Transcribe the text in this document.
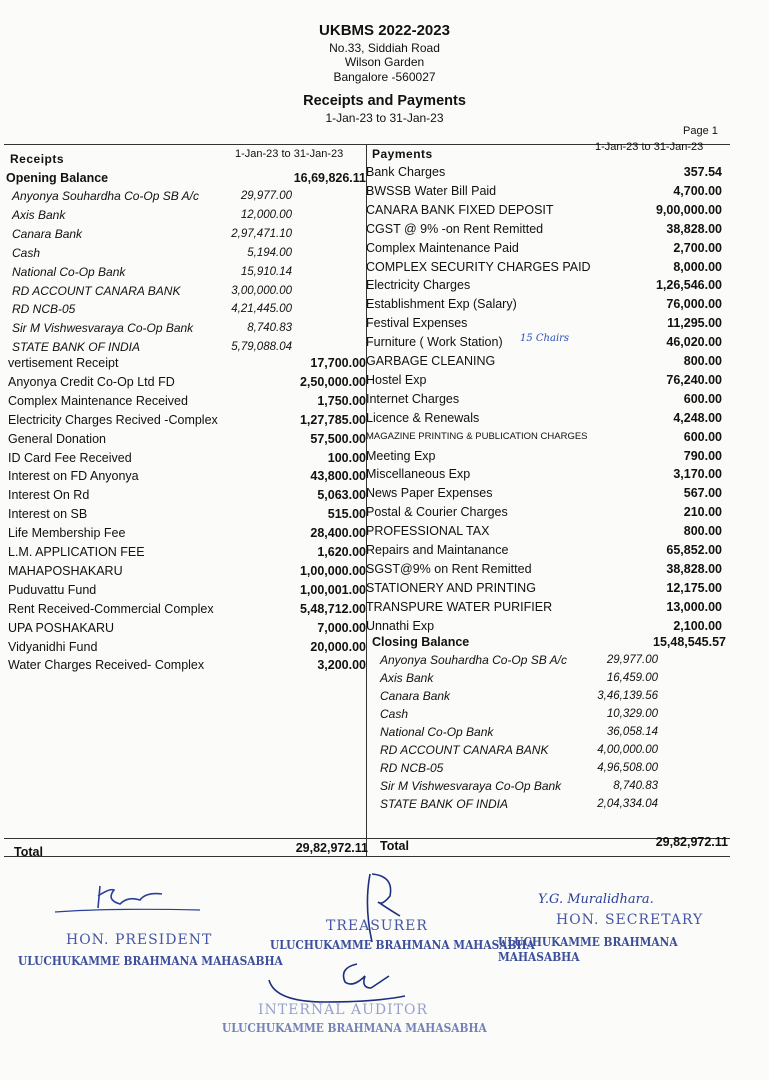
UKBMS 2022-2023
No.33, Siddiah Road
Wilson Garden
Bangalore -560027
Receipts and Payments
1-Jan-23 to 31-Jan-23
Page 1
Receipts	1-Jan-23 to 31-Jan-23 Payments	1-Jan-23 to 31-Jan-23
Opening Balance	16,69,826.11
Anyonya Souhardha Co-Op SB A/c	29,977.00
Axis Bank	12,000.00
Canara Bank	2,97,471.10
Cash	5,194.00
National Co-Op Bank	15,910.14
RD ACCOUNT CANARA BANK	3,00,000.00
RD NCB-05	4,21,445.00
Sir M Vishwesvaraya Co-Op Bank	8,740.83
STATE BANK OF INDIA	5,79,088.04
vertisement Receipt	17,700.00
Anyonya Credit Co-Op Ltd FD	2,50,000.00
Complex Maintenance Received	1,750.00
Electricity Charges Recived -Complex	1,27,785.00
General Donation	57,500.00
ID Card Fee Received	100.00
Interest on FD Anyonya	43,800.00
Interest On Rd	5,063.00
Interest on SB	515.00
Life Membership Fee	28,400.00
L.M. APPLICATION FEE	1,620.00
MAHAPOSHAKARU	1,00,000.00
Puduvattu Fund	1,00,001.00
Rent Received-Commercial Complex	5,48,712.00
UPA POSHAKARU	7,000.00
Vidyanidhi Fund	20,000.00
Water Charges Received- Complex	3,200.00
Bank Charges	357.54
BWSSB Water Bill Paid	4,700.00
CANARA BANK FIXED DEPOSIT	9,00,000.00
CGST @ 9% -on Rent Remitted	38,828.00
Complex Maintenance Paid	2,700.00
COMPLEX SECURITY CHARGES PAID	8,000.00
Electricity Charges	1,26,546.00
Establishment Exp (Salary)	76,000.00
Festival Expenses	11,295.00
Furniture ( Work Station)	46,020.00
GARBAGE CLEANING	800.00
Hostel Exp	76,240.00
Internet Charges	600.00
Licence & Renewals	4,248.00
MAGAZINE PRINTING & PUBLICATION CHARGES	600.00
Meeting Exp	790.00
Miscellaneous Exp	3,170.00
News Paper Expenses	567.00
Postal & Courier Charges	210.00
PROFESSIONAL TAX	800.00
Repairs and Maintanance	65,852.00
SGST@9% on Rent Remitted	38,828.00
STATIONERY AND PRINTING	12,175.00
TRANSPURE WATER PURIFIER	13,000.00
Unnathi Exp	2,100.00
Closing Balance	15,48,545.57
Anyonya Souhardha Co-Op SB A/c	29,977.00
Axis Bank	16,459.00
Canara Bank	3,46,139.56
Cash	10,329.00
National Co-Op Bank	36,058.14
RD ACCOUNT CANARA BANK	4,00,000.00
RD NCB-05	4,96,508.00
Sir M Vishwesvaraya Co-Op Bank	8,740.83
STATE BANK OF INDIA	2,04,334.04
15 Chairs
Total	29,82,972.11 Total	29,82,972.11
HON. PRESIDENT
ULUCHUKAMME BRAHMANA MAHASABHA
TREASURER
ULUCHUKAMME BRAHMANA MAHASABHA
Y.G. Muralidhara.
HON. SECRETARY
ULUCHUKAMME BRAHMANA MAHASABHA
INTERNAL AUDITOR
ULUCHUKAMME BRAHMANA MAHASABHA
